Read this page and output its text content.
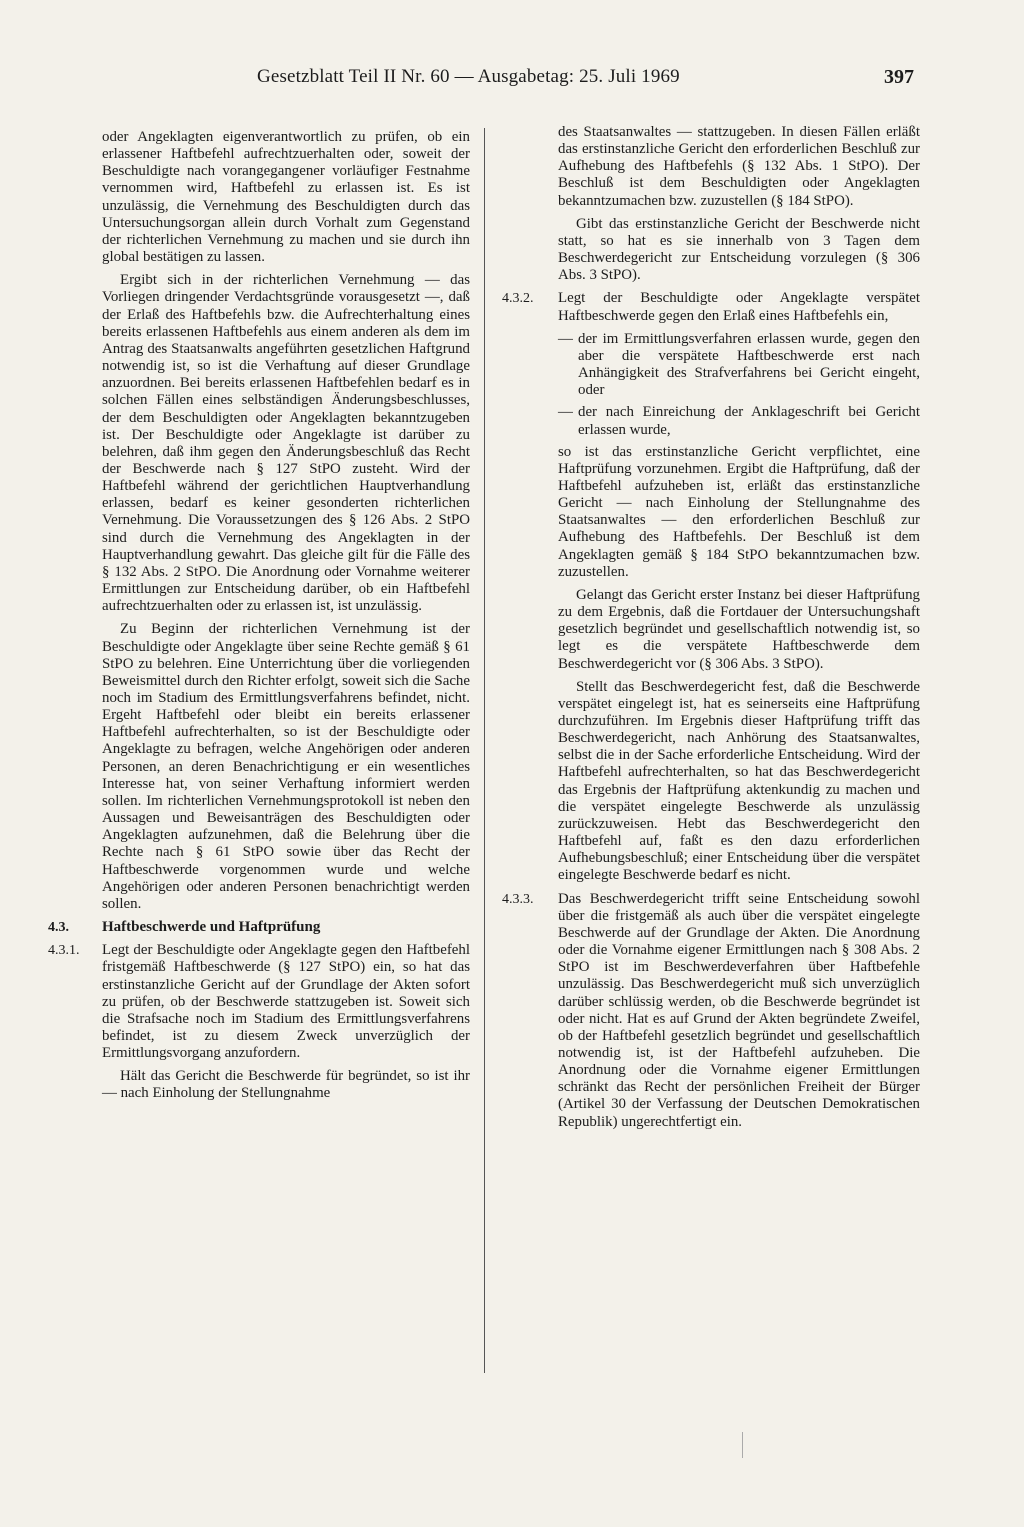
Gesetzblatt Teil II Nr. 60 — Ausgabetag: 25. Juli 1969	397

oder Angeklagten eigenverantwortlich zu prüfen, ob ein erlassener Haftbefehl aufrechtzuerhalten oder, soweit der Beschuldigte nach vorangegangener vorläufiger Festnahme vernommen wird, Haftbefehl zu erlassen ist. Es ist unzulässig, die Vernehmung des Beschuldigten durch das Untersuchungsorgan allein durch Vorhalt zum Gegenstand der richterlichen Vernehmung zu machen und sie durch ihn global bestätigen zu lassen.

Ergibt sich in der richterlichen Vernehmung — das Vorliegen dringender Verdachtsgründe vorausgesetzt —, daß der Erlaß des Haftbefehls bzw. die Aufrechterhaltung eines bereits erlassenen Haftbefehls aus einem anderen als dem im Antrag des Staatsanwalts angeführten gesetzlichen Haftgrund notwendig ist, so ist die Verhaftung auf dieser Grundlage anzuordnen. Bei bereits erlassenen Haftbefehlen bedarf es in solchen Fällen eines selbständigen Änderungsbeschlusses, der dem Beschuldigten oder Angeklagten bekanntzugeben ist. Der Beschuldigte oder Angeklagte ist darüber zu belehren, daß ihm gegen den Änderungsbeschluß das Recht der Beschwerde nach § 127 StPO zusteht. Wird der Haftbefehl während der gerichtlichen Hauptverhandlung erlassen, bedarf es keiner gesonderten richterlichen Vernehmung. Die Voraussetzungen des § 126 Abs. 2 StPO sind durch die Vernehmung des Angeklagten in der Hauptverhandlung gewahrt. Das gleiche gilt für die Fälle des § 132 Abs. 2 StPO. Die Anordnung oder Vornahme weiterer Ermittlungen zur Entscheidung darüber, ob ein Haftbefehl aufrechtzuerhalten oder zu erlassen ist, ist unzulässig.

Zu Beginn der richterlichen Vernehmung ist der Beschuldigte oder Angeklagte über seine Rechte gemäß § 61 StPO zu belehren. Eine Unterrichtung über die vorliegenden Beweismittel durch den Richter erfolgt, soweit sich die Sache noch im Stadium des Ermittlungsverfahrens befindet, nicht. Ergeht Haftbefehl oder bleibt ein bereits erlassener Haftbefehl aufrechterhalten, so ist der Beschuldigte oder Angeklagte zu befragen, welche Angehörigen oder anderen Personen, an deren Benachrichtigung er ein wesentliches Interesse hat, von seiner Verhaftung informiert werden sollen. Im richterlichen Vernehmungsprotokoll ist neben den Aussagen und Beweisanträgen des Beschuldigten oder Angeklagten aufzunehmen, daß die Belehrung über die Rechte nach § 61 StPO sowie über das Recht der Haftbeschwerde vorgenommen wurde und welche Angehörigen oder anderen Personen benachrichtigt werden sollen.

4.3. Haftbeschwerde und Haftprüfung
4.3.1. Legt der Beschuldigte oder Angeklagte gegen den Haftbefehl fristgemäß Haftbeschwerde (§ 127 StPO) ein, so hat das erstinstanzliche Gericht auf der Grundlage der Akten sofort zu prüfen, ob der Beschwerde stattzugeben ist. Soweit sich die Strafsache noch im Stadium des Ermittlungsverfahrens befindet, ist zu diesem Zweck unverzüglich der Ermittlungsvorgang anzufordern.

Hält das Gericht die Beschwerde für begründet, so ist ihr — nach Einholung der Stellungnahme

des Staatsanwaltes — stattzugeben. In diesen Fällen erläßt das erstinstanzliche Gericht den erforderlichen Beschluß zur Aufhebung des Haftbefehls (§ 132 Abs. 1 StPO). Der Beschluß ist dem Beschuldigten oder Angeklagten bekanntzumachen bzw. zuzustellen (§ 184 StPO).

Gibt das erstinstanzliche Gericht der Beschwerde nicht statt, so hat es sie innerhalb von 3 Tagen dem Beschwerdegericht zur Entscheidung vorzulegen (§ 306 Abs. 3 StPO).

4.3.2. Legt der Beschuldigte oder Angeklagte verspätet Haftbeschwerde gegen den Erlaß eines Haftbefehls ein,

— der im Ermittlungsverfahren erlassen wurde, gegen den aber die verspätete Haftbeschwerde erst nach Anhängigkeit des Strafverfahrens bei Gericht eingeht, oder
— der nach Einreichung der Anklageschrift bei Gericht erlassen wurde,

so ist das erstinstanzliche Gericht verpflichtet, eine Haftprüfung vorzunehmen. Ergibt die Haftprüfung, daß der Haftbefehl aufzuheben ist, erläßt das erstinstanzliche Gericht — nach Einholung der Stellungnahme des Staatsanwaltes — den erforderlichen Beschluß zur Aufhebung des Haftbefehls. Der Beschluß ist dem Angeklagten gemäß § 184 StPO bekanntzumachen bzw. zuzustellen.

Gelangt das Gericht erster Instanz bei dieser Haftprüfung zu dem Ergebnis, daß die Fortdauer der Untersuchungshaft gesetzlich begründet und gesellschaftlich notwendig ist, so legt es die verspätete Haftbeschwerde dem Beschwerdegericht vor (§ 306 Abs. 3 StPO).

Stellt das Beschwerdegericht fest, daß die Beschwerde verspätet eingelegt ist, hat es seinerseits eine Haftprüfung durchzuführen. Im Ergebnis dieser Haftprüfung trifft das Beschwerdegericht, nach Anhörung des Staatsanwaltes, selbst die in der Sache erforderliche Entscheidung. Wird der Haftbefehl aufrechterhalten, so hat das Beschwerdegericht das Ergebnis der Haftprüfung aktenkundig zu machen und die verspätet eingelegte Beschwerde als unzulässig zurückzuweisen. Hebt das Beschwerdegericht den Haftbefehl auf, faßt es den dazu erforderlichen Aufhebungsbeschluß; einer Entscheidung über die verspätet eingelegte Beschwerde bedarf es nicht.

4.3.3. Das Beschwerdegericht trifft seine Entscheidung sowohl über die fristgemäß als auch über die verspätet eingelegte Beschwerde auf der Grundlage der Akten. Die Anordnung oder die Vornahme eigener Ermittlungen nach § 308 Abs. 2 StPO ist im Beschwerdeverfahren über Haftbefehle unzulässig. Das Beschwerdegericht muß sich unverzüglich darüber schlüssig werden, ob die Beschwerde begründet ist oder nicht. Hat es auf Grund der Akten begründete Zweifel, ob der Haftbefehl gesetzlich begründet und gesellschaftlich notwendig ist, ist der Haftbefehl aufzuheben. Die Anordnung oder die Vornahme eigener Ermittlungen schränkt das Recht der persönlichen Freiheit der Bürger (Artikel 30 der Verfassung der Deutschen Demokratischen Republik) ungerechtfertigt ein.
